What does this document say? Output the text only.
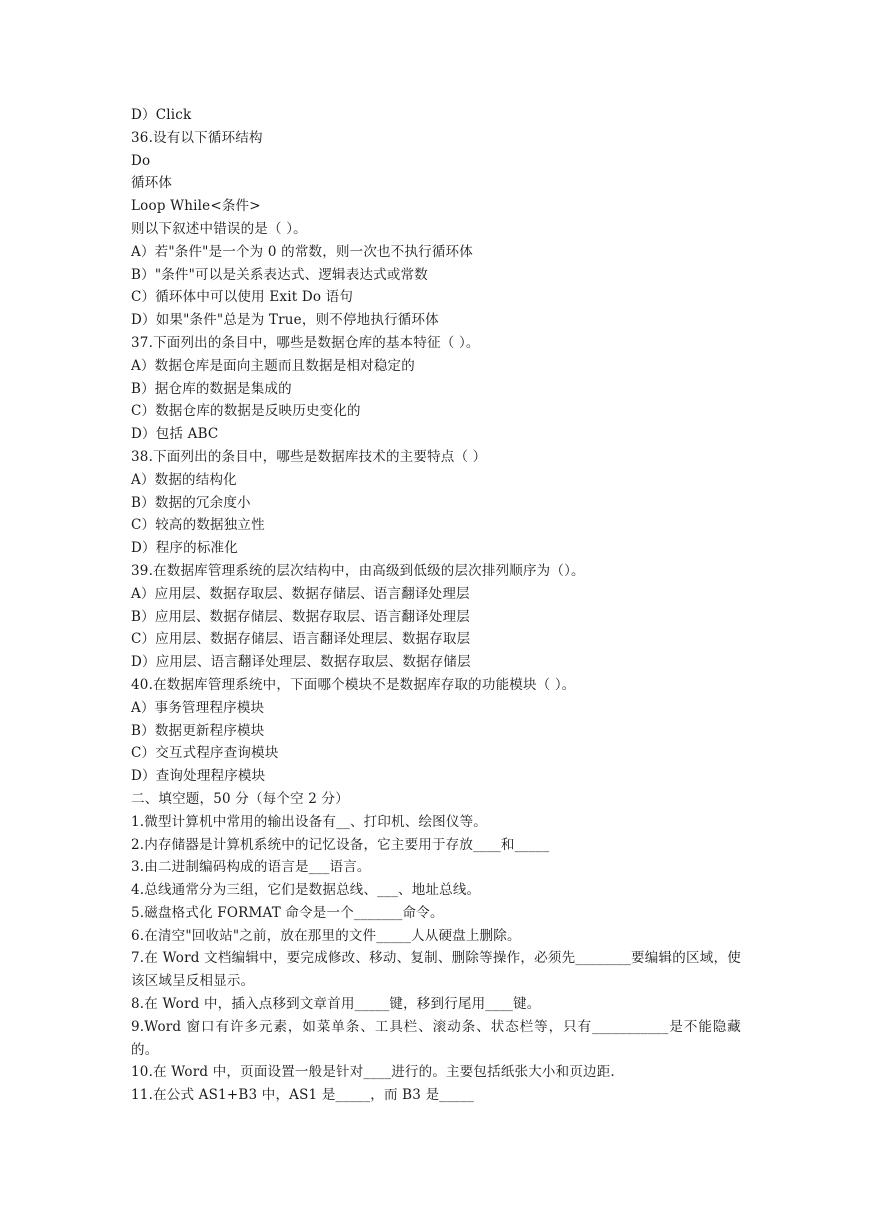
D）Click

36.设有以下循环结构

Do

循环体

Loop While<条件>

则以下叙述中错误的是（ ）。

A）若"条件"是一个为 0 的常数，则一次也不执行循环体

B）"条件"可以是关系表达式、逻辑表达式或常数

C）循环体中可以使用 Exit Do 语句

D）如果"条件"总是为 True，则不停地执行循环体

37.下面列出的条目中，哪些是数据仓库的基本特征（ ）。

A）数据仓库是面向主题而且数据是相对稳定的

B）据仓库的数据是集成的

C）数据仓库的数据是反映历史变化的

D）包括 ABC

38.下面列出的条目中，哪些是数据库技术的主要特点（ ）

A）数据的结构化

B）数据的冗余度小

C）较高的数据独立性

D）程序的标准化

39.在数据库管理系统的层次结构中，由高级到低级的层次排列顺序为（）。

A）应用层、数据存取层、数据存储层、语言翻译处理层

B）应用层、数据存储层、数据存取层、语言翻译处理层

C）应用层、数据存储层、语言翻译处理层、数据存取层

D）应用层、语言翻译处理层、数据存取层、数据存储层

40.在数据库管理系统中，下面哪个模块不是数据库存取的功能模块（ ）。

A）事务管理程序模块

B）数据更新程序模块

C）交互式程序查询模块

D）查询处理程序模块

二、填空题，50 分（每个空 2 分）

1.微型计算机中常用的输出设备有__、打印机、绘图仪等。

2.内存储器是计算机系统中的记忆设备，它主要用于存放____和_____

3.由二进制编码构成的语言是___语言。

4.总线通常分为三组，它们是数据总线、___、地址总线。

5.磁盘格式化 FORMAT 命令是一个_______命令。

6.在清空"回收站"之前，放在那里的文件_____人从硬盘上删除。

7.在 Word 文档编辑中，要完成修改、移动、复制、删除等操作，必须先________要编辑的区域，使该区域呈反相显示。

8.在 Word 中，插入点移到文章首用_____键，移到行尾用____键。

9.Word 窗口有许多元素，如菜单条、工具栏、滚动条、状态栏等，只有___________是不能隐藏的。

10.在 Word 中，页面设置一般是针对____进行的。主要包括纸张大小和页边距.

11.在公式 AS1+B3 中，AS1 是_____，而 B3 是_____
